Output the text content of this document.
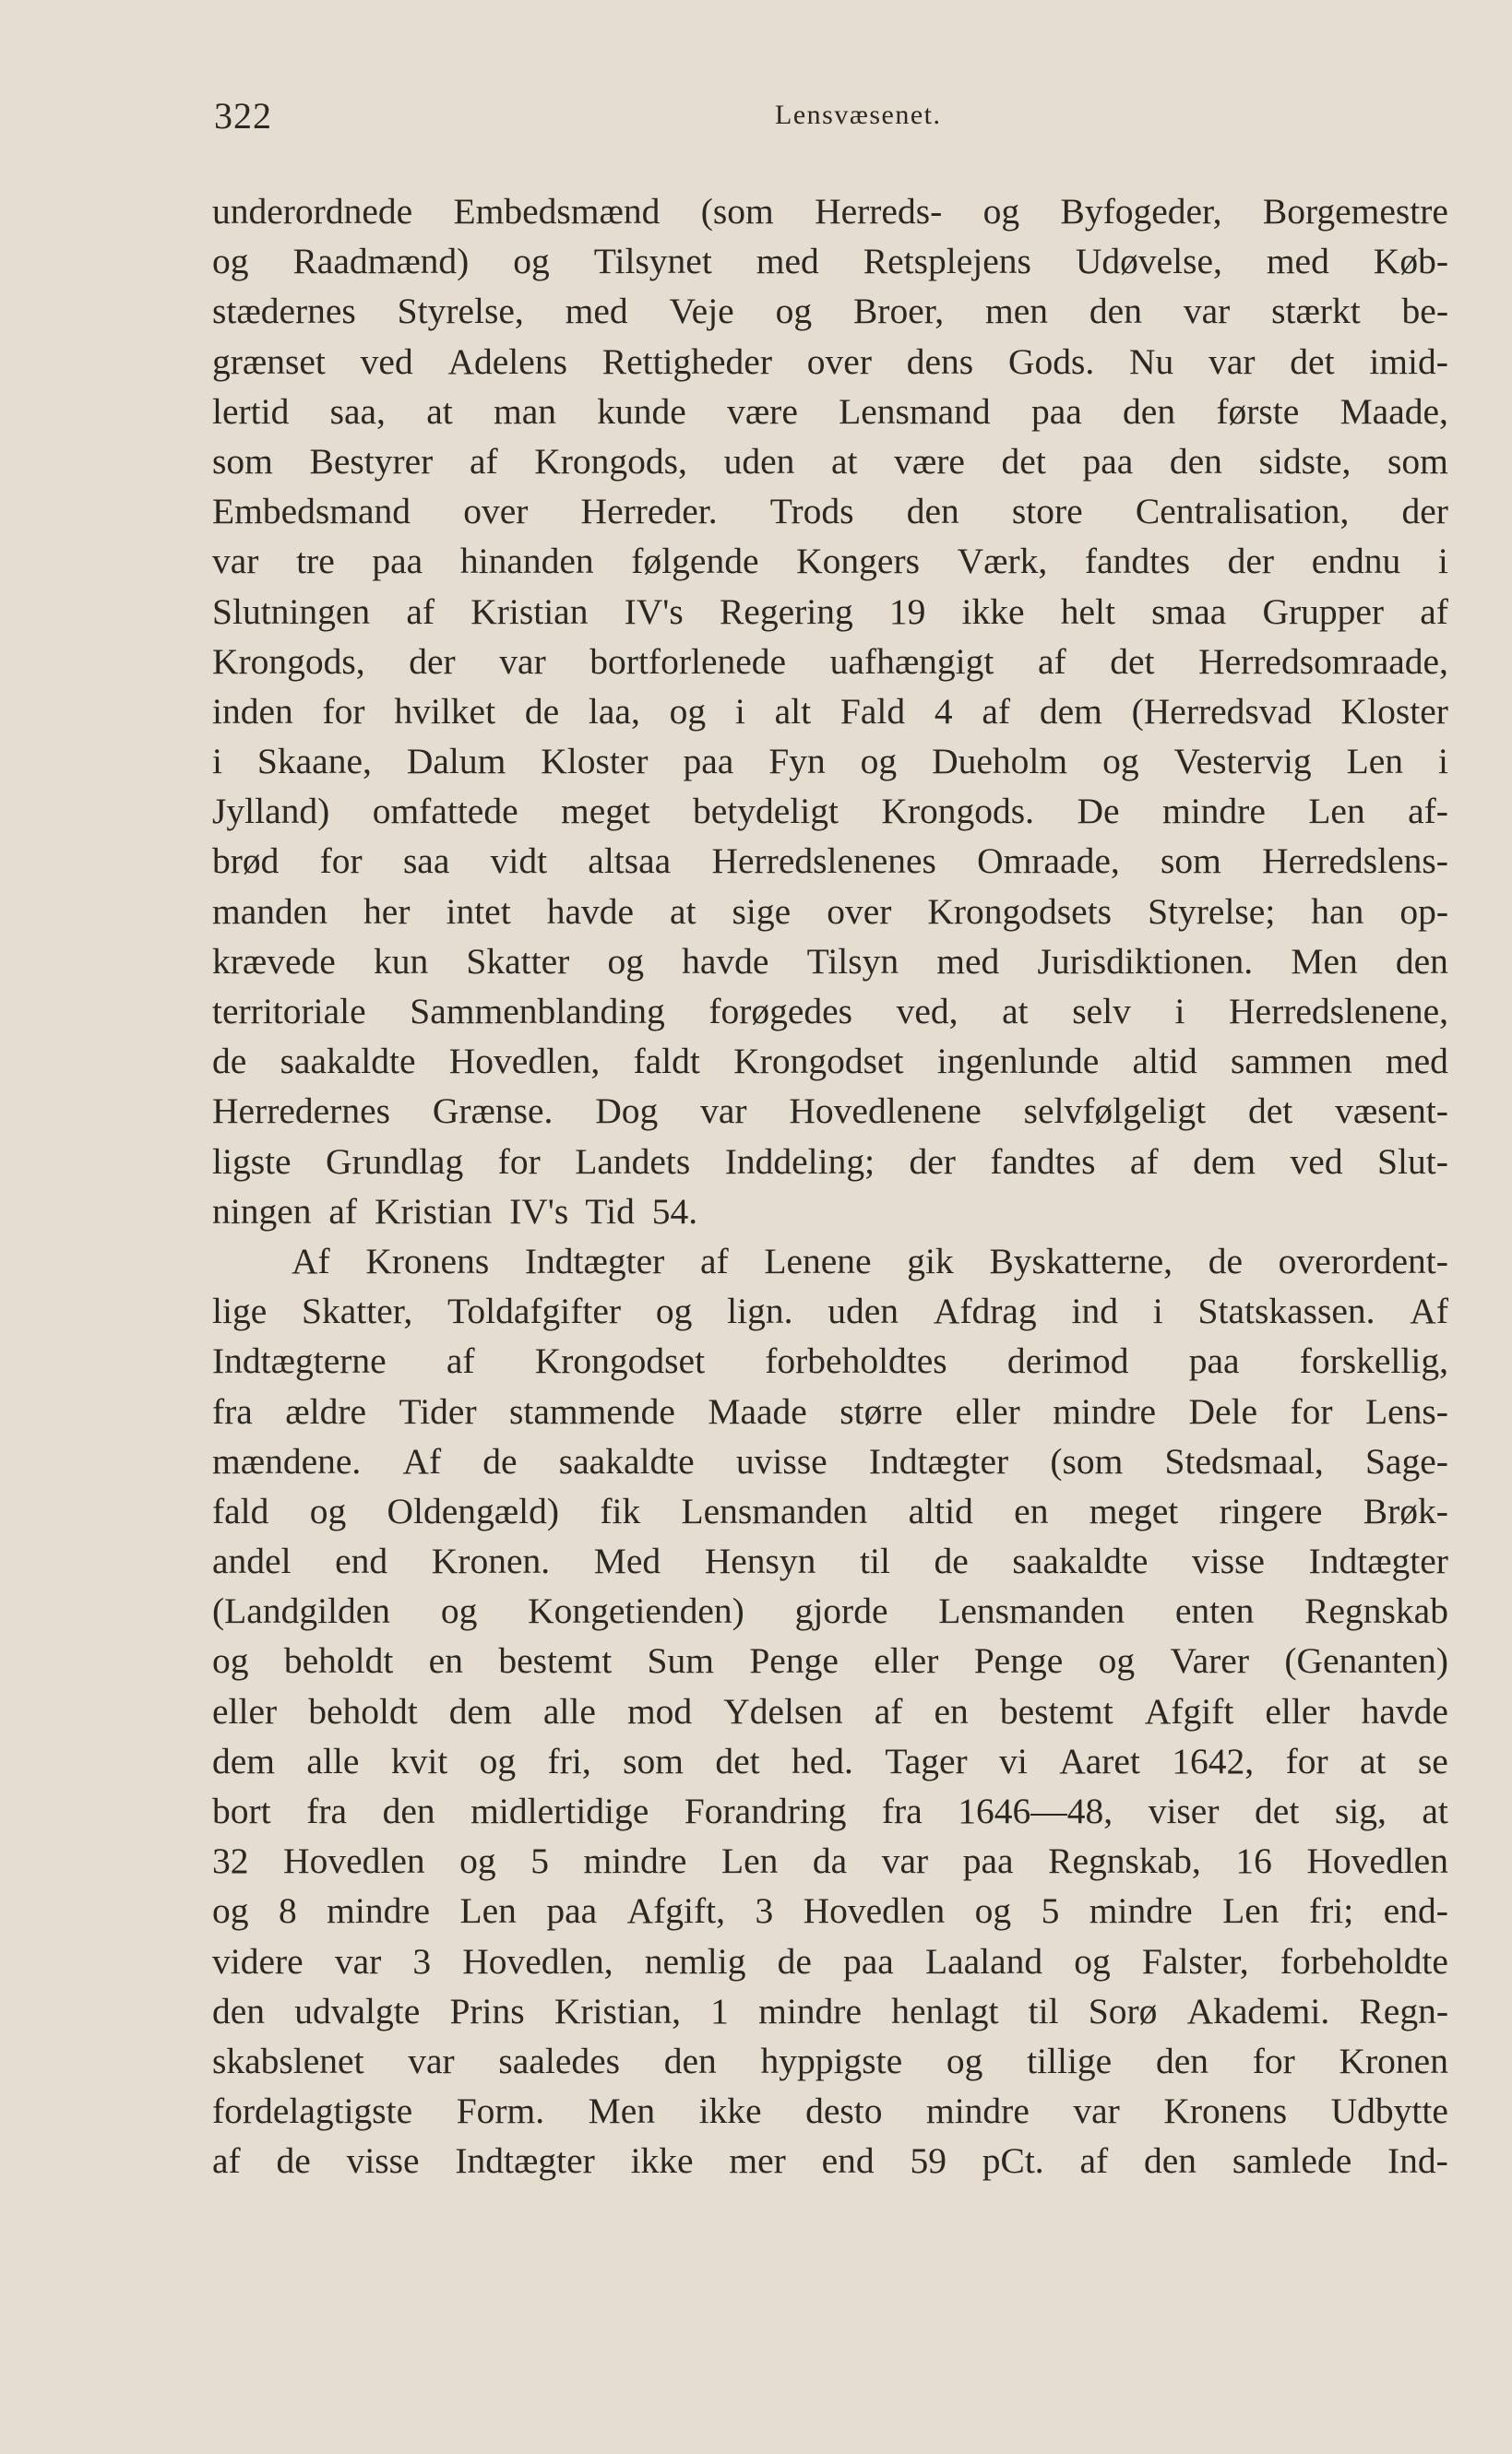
322	Lensvæsenet.
underordnede Embedsmænd (som Herreds- og Byfogeder, Borgemestre
og Raadmænd) og Tilsynet med Retsplejens Udøvelse, med Køb-
stædernes Styrelse, med Veje og Broer, men den var stærkt be-
grænset ved Adelens Rettigheder over dens Gods. Nu var det imid-
lertid saa, at man kunde være Lensmand paa den første Maade,
som Bestyrer af Krongods, uden at være det paa den sidste, som
Embedsmand over Herreder. Trods den store Centralisation, der
var tre paa hinanden følgende Kongers Værk, fandtes der endnu i
Slutningen af Kristian IV's Regering 19 ikke helt smaa Grupper af
Krongods, der var bortforlenede uafhængigt af det Herredsomraade,
inden for hvilket de laa, og i alt Fald 4 af dem (Herredsvad Kloster
i Skaane, Dalum Kloster paa Fyn og Dueholm og Vestervig Len i
Jylland) omfattede meget betydeligt Krongods. De mindre Len af-
brød for saa vidt altsaa Herredslenenes Omraade, som Herredslens-
manden her intet havde at sige over Krongodsets Styrelse; han op-
krævede kun Skatter og havde Tilsyn med Jurisdiktionen. Men den
territoriale Sammenblanding forøgedes ved, at selv i Herredslenene,
de saakaldte Hovedlen, faldt Krongodset ingenlunde altid sammen med
Herredernes Grænse. Dog var Hovedlenene selvfølgeligt det væsent-
ligste Grundlag for Landets Inddeling; der fandtes af dem ved Slut-
ningen af Kristian IV's Tid 54.
Af Kronens Indtægter af Lenene gik Byskatterne, de overordent-
lige Skatter, Toldafgifter og lign. uden Afdrag ind i Statskassen. Af
Indtægterne af Krongodset forbeholdtes derimod paa forskellig,
fra ældre Tider stammende Maade større eller mindre Dele for Lens-
mændene. Af de saakaldte uvisse Indtægter (som Stedsmaal, Sage-
fald og Oldengæld) fik Lensmanden altid en meget ringere Brøk-
andel end Kronen. Med Hensyn til de saakaldte visse Indtægter
(Landgilden og Kongetienden) gjorde Lensmanden enten Regnskab
og beholdt en bestemt Sum Penge eller Penge og Varer (Genanten)
eller beholdt dem alle mod Ydelsen af en bestemt Afgift eller havde
dem alle kvit og fri, som det hed. Tager vi Aaret 1642, for at se
bort fra den midlertidige Forandring fra 1646—48, viser det sig, at
32 Hovedlen og 5 mindre Len da var paa Regnskab, 16 Hovedlen
og 8 mindre Len paa Afgift, 3 Hovedlen og 5 mindre Len fri; end-
videre var 3 Hovedlen, nemlig de paa Laaland og Falster, forbeholdte
den udvalgte Prins Kristian, 1 mindre henlagt til Sorø Akademi. Regn-
skabslenet var saaledes den hyppigste og tillige den for Kronen
fordelagtigste Form. Men ikke desto mindre var Kronens Udbytte
af de visse Indtægter ikke mer end 59 pCt. af den samlede Ind-
